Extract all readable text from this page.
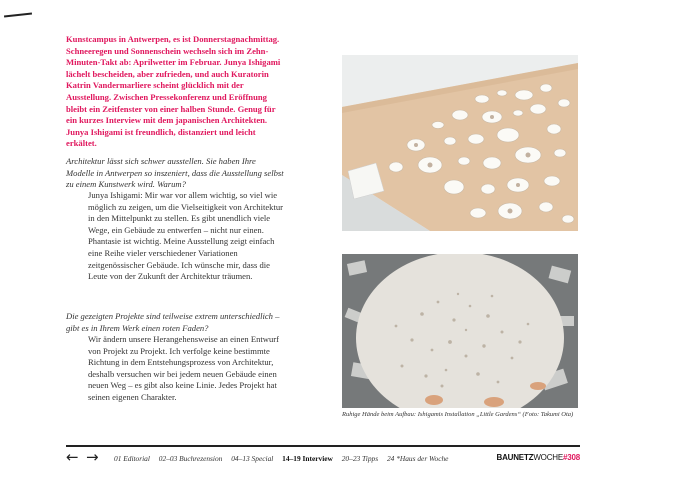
Kunstcampus in Antwerpen, es ist Donnerstagnachmittag. Schneeregen und Sonnenschein wechseln sich im Zehn-Minuten-Takt ab: Aprilwetter im Februar. Junya Ishigami lächelt bescheiden, aber zufrieden, und auch Kuratorin Katrin Vandermarliere scheint glücklich mit der Ausstellung. Zwischen Pressekonferenz und Eröffnung bleibt ein Zeitfenster von einer halben Stunde. Genug für ein kurzes Interview mit dem japanischen Architekten. Junya Ishigami ist freundlich, distanziert und leicht erkältet.

Architektur lässt sich schwer ausstellen. Sie haben Ihre Modelle in Antwerpen so inszeniert, dass die Ausstellung selbst zu einem Kunstwerk wird. Warum?

Junya Ishigami: Mir war vor allem wichtig, so viel wie möglich zu zeigen, um die Vielseitigkeit von Architektur in den Mittelpunkt zu stellen. Es gibt unendlich viele Wege, ein Gebäude zu entwerfen – nicht nur einen. Phantasie ist wichtig. Meine Ausstellung zeigt einfach eine Reihe vieler verschiedener Variationen zeitgenössischer Gebäude. Ich wünsche mir, dass die Leute von der Zukunft der Architektur träumen.

Die gezeigten Projekte sind teilweise extrem unterschiedlich – gibt es in Ihrem Werk einen roten Faden?

Wir ändern unsere Herangehensweise an einen Entwurf von Projekt zu Projekt. Ich verfolge keine bestimmte Richtung in dem Entstehungsprozess von Architektur, deshalb versuchen wir bei jedem neuen Gebäude einen neuen Weg – es gibt also keine Linie. Jedes Projekt hat seinen eigenen Charakter.

Ruhige Hände beim Aufbau: Ishigamis Installation „Little Gardens“ (Foto: Takumi Ota)

← → 01 Editorial 02–03 Buchrezension 04–13 Special 14–19 Interview 20–23 Tipps 24 *Haus der Woche	BAUNETZWOCHE#308
